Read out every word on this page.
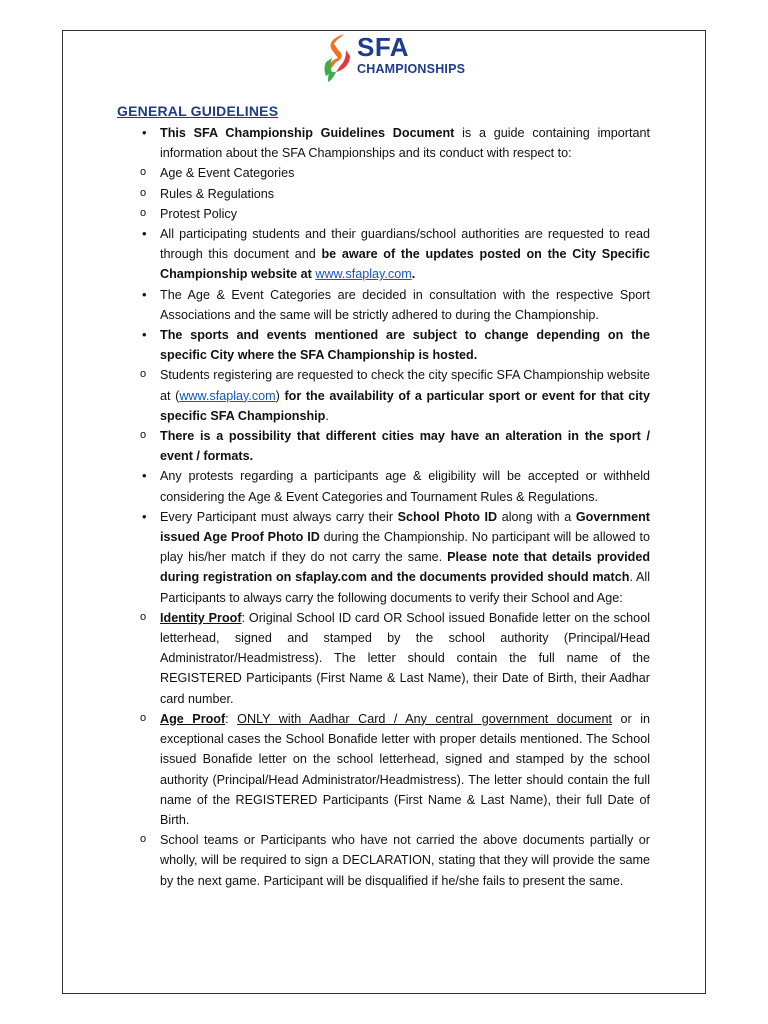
SFA
CHAMPIONSHIPS
GENERAL GUIDELINES

• This SFA Championship Guidelines Document is a guide containing important information about the SFA Championships and its conduct with respect to:

o Age & Event Categories

o Rules & Regulations

o Protest Policy

• All participating students and their guardians/school authorities are requested to read through this document and be aware of the updates posted on the City Specific Championship website at www.sfaplay.com.

• The Age & Event Categories are decided in consultation with the respective Sport Associations and the same will be strictly adhered to during the Championship.

• The sports and events mentioned are subject to change depending on the specific City where the SFA Championship is hosted.

o Students registering are requested to check the city specific SFA Championship website at (www.sfaplay.com) for the availability of a particular sport or event for that city specific SFA Championship.

o There is a possibility that different cities may have an alteration in the sport / event / formats.

• Any protests regarding a participants age & eligibility will be accepted or withheld considering the Age & Event Categories and Tournament Rules & Regulations.

• Every Participant must always carry their School Photo ID along with a Government issued Age Proof Photo ID during the Championship. No participant will be allowed to play his/her match if they do not carry the same. Please note that details provided during registration on sfaplay.com and the documents provided should match. All Participants to always carry the following documents to verify their School and Age:

o Identity Proof: Original School ID card OR School issued Bonafide letter on the school letterhead, signed and stamped by the school authority (Principal/Head Administrator/Headmistress). The letter should contain the full name of the REGISTERED Participants (First Name & Last Name), their Date of Birth, their Aadhar card number.

o Age Proof: ONLY with Aadhar Card / Any central government document or in exceptional cases the School Bonafide letter with proper details mentioned. The School issued Bonafide letter on the school letterhead, signed and stamped by the school authority (Principal/Head Administrator/Headmistress). The letter should contain the full name of the REGISTERED Participants (First Name & Last Name), their full Date of Birth.

o School teams or Participants who have not carried the above documents partially or wholly, will be required to sign a DECLARATION, stating that they will provide the same by the next game. Participant will be disqualified if he/she fails to present the same.
